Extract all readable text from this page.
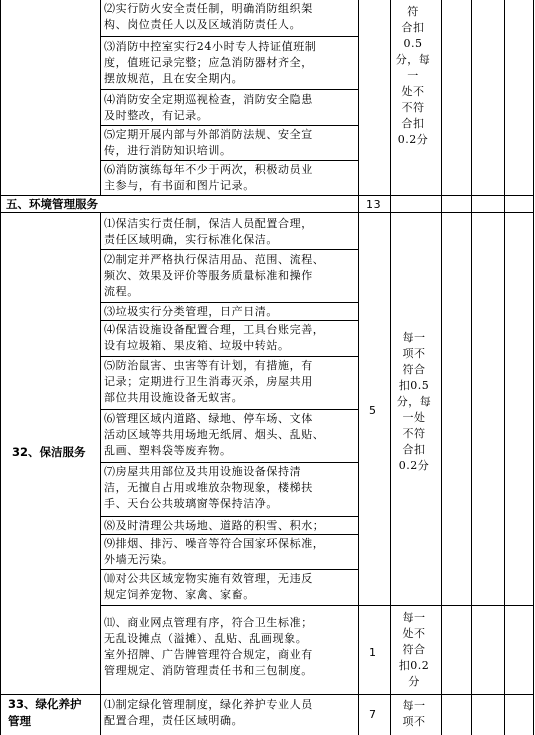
⑵实行防火安全责任制，明确消防组织架
构、岗位责任人以及区域消防责任人。
⑶消防中控室实行24小时专人持证值班制
度，值班记录完整；应急消防器材齐全，
摆放规范，且在安全期内。
⑷消防安全定期巡视检查，消防安全隐患
及时整改，有记录。
⑸定期开展内部与外部消防法规、安全宣
传，进行消防知识培训。
⑹消防演练每年不少于两次，积极动员业
主参与，有书面和图片记录。
符
合扣
0.5
分，每一
处不
不符
合扣
0.2分
五、环境管理服务	13
32、保洁服务
⑴保洁实行责任制，保洁人员配置合理，
责任区域明确，实行标准化保洁。
⑵制定并严格执行保洁用品、范围、流程、
频次、效果及评价等服务质量标准和操作
流程。
⑶垃圾实行分类管理，日产日清。
⑷保洁设施设备配置合理，工具台账完善，
设有垃圾箱、果皮箱、垃圾中转站。
⑸防治鼠害、虫害等有计划，有措施，有
记录；定期进行卫生消毒灭杀，房屋共用
部位共用设施设备无蚁害。
⑹管理区域内道路、绿地、停车场、文体
活动区域等共用场地无纸屑、烟头、乱贴、
乱画、塑料袋等废弃物。
⑺房屋共用部位及共用设施设备保持清
洁，无擅自占用或堆放杂物现象，楼梯扶
手、天台公共玻璃窗等保持洁净。
⑻及时清理公共场地、道路的积雪、积水；
⑼排烟、排污、噪音等符合国家环保标准，
外墙无污染。
⑽对公共区域宠物实施有效管理，无违反
规定饲养宠物、家禽、家畜。
⑾、商业网点管理有序，符合卫生标准；
无乱设摊点（溢摊）、乱贴、乱画现象。
室外招牌、广告牌管理符合规定，商业有
管理规定、消防管理责任书和三包制度。
5
每一
项不
符合
扣0.5
分，每
一处
不符
合扣
0.2分
1
每一
处不
符合
扣0.2
分
33、绿化养护
管理
⑴制定绿化管理制度，绿化养护专业人员
配置合理，责任区域明确。	7
每一
项不
